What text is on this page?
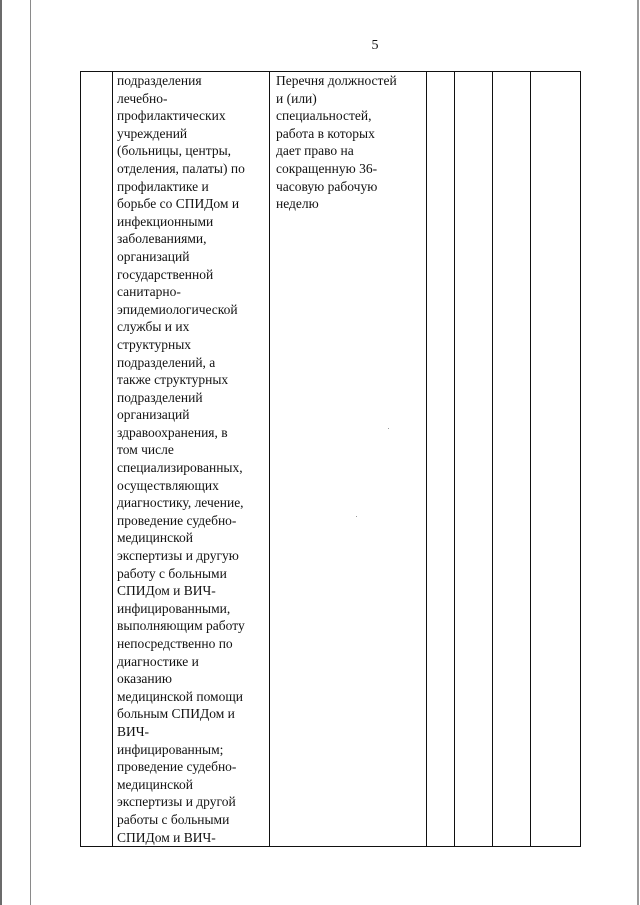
5

подразделения
лечебно-
профилактических
учреждений
(больницы, центры,
отделения, палаты) по
профилактике и
борьбе со СПИДом и
инфекционными
заболеваниями,
организаций
государственной
санитарно-
эпидемиологической
службы и их
структурных
подразделений, а
также структурных
подразделений
организаций
здравоохранения, в
том числе
специализированных,
осуществляющих
диагностику, лечение,
проведение судебно-
медицинской
экспертизы и другую
работу с больными
СПИДом и ВИЧ-
инфицированными,
выполняющим работу
непосредственно по
диагностике и
оказанию
медицинской помощи
больным СПИДом и
ВИЧ-
инфицированным;
проведение судебно-
медицинской
экспертизы и другой
работы с больными
СПИДом и ВИЧ-

Перечня должностей
и (или)
специальностей,
работа в которых
дает право на
сокращенную 36-
часовую рабочую
неделю
